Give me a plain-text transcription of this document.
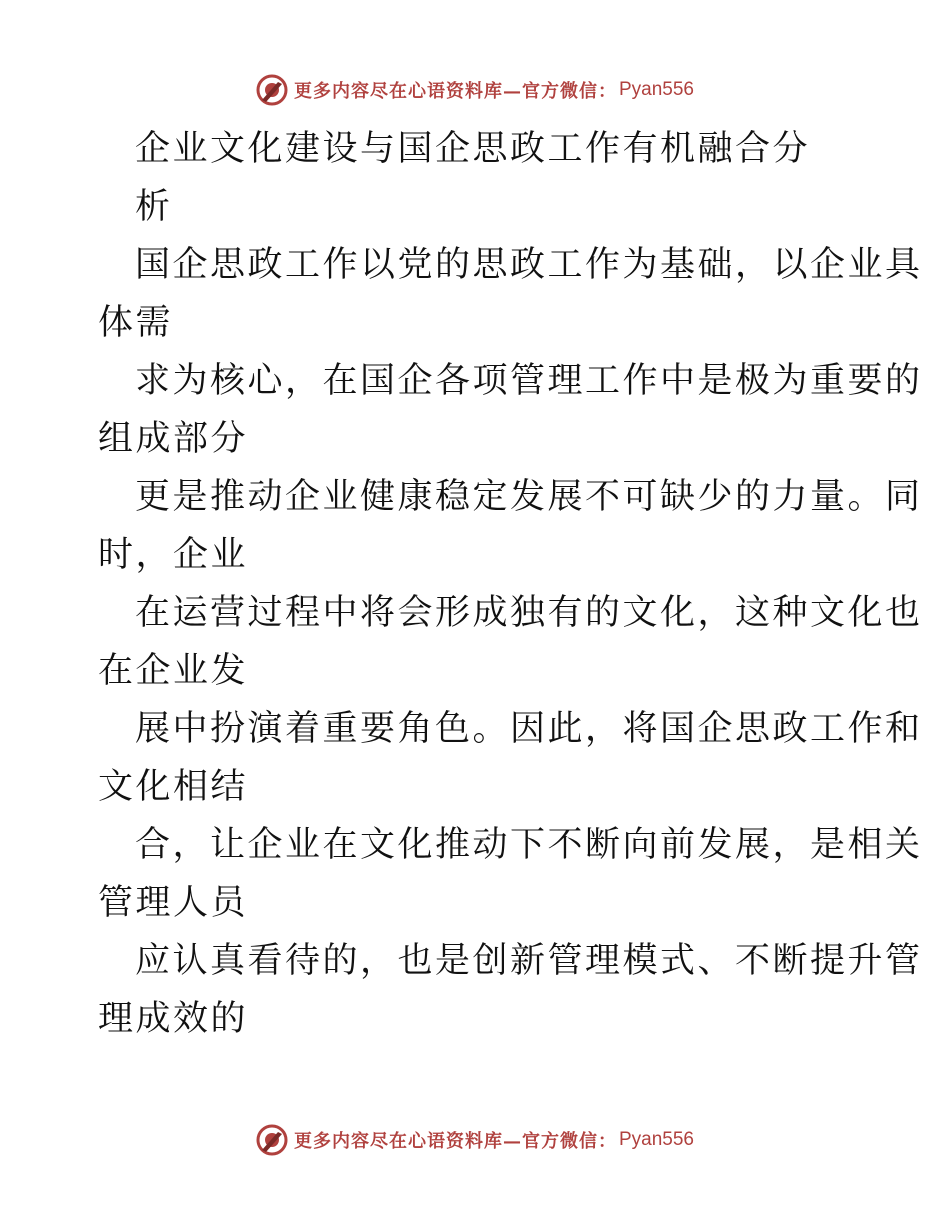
更多内容尽在心语资料库 —官方微信： Pyan556
企业文化建设与国企思政工作有机融合分
析
国企思政工作以党的思政工作为基础，以企业具
体需
求为核心，在国企各项管理工作中是极为重要的
组成部分
更是推动企业健康稳定发展不可缺少的力量。同
时，企业
在运营过程中将会形成独有的文化，这种文化也
在企业发
展中扮演着重要角色。因此，将国企思政工作和
文化相结
合，让企业在文化推动下不断向前发展，是相关
管理人员
应认真看待的，也是创新管理模式、不断提升管
理成效的
更多内容尽在心语资料库 —官方微信： Pyan556
